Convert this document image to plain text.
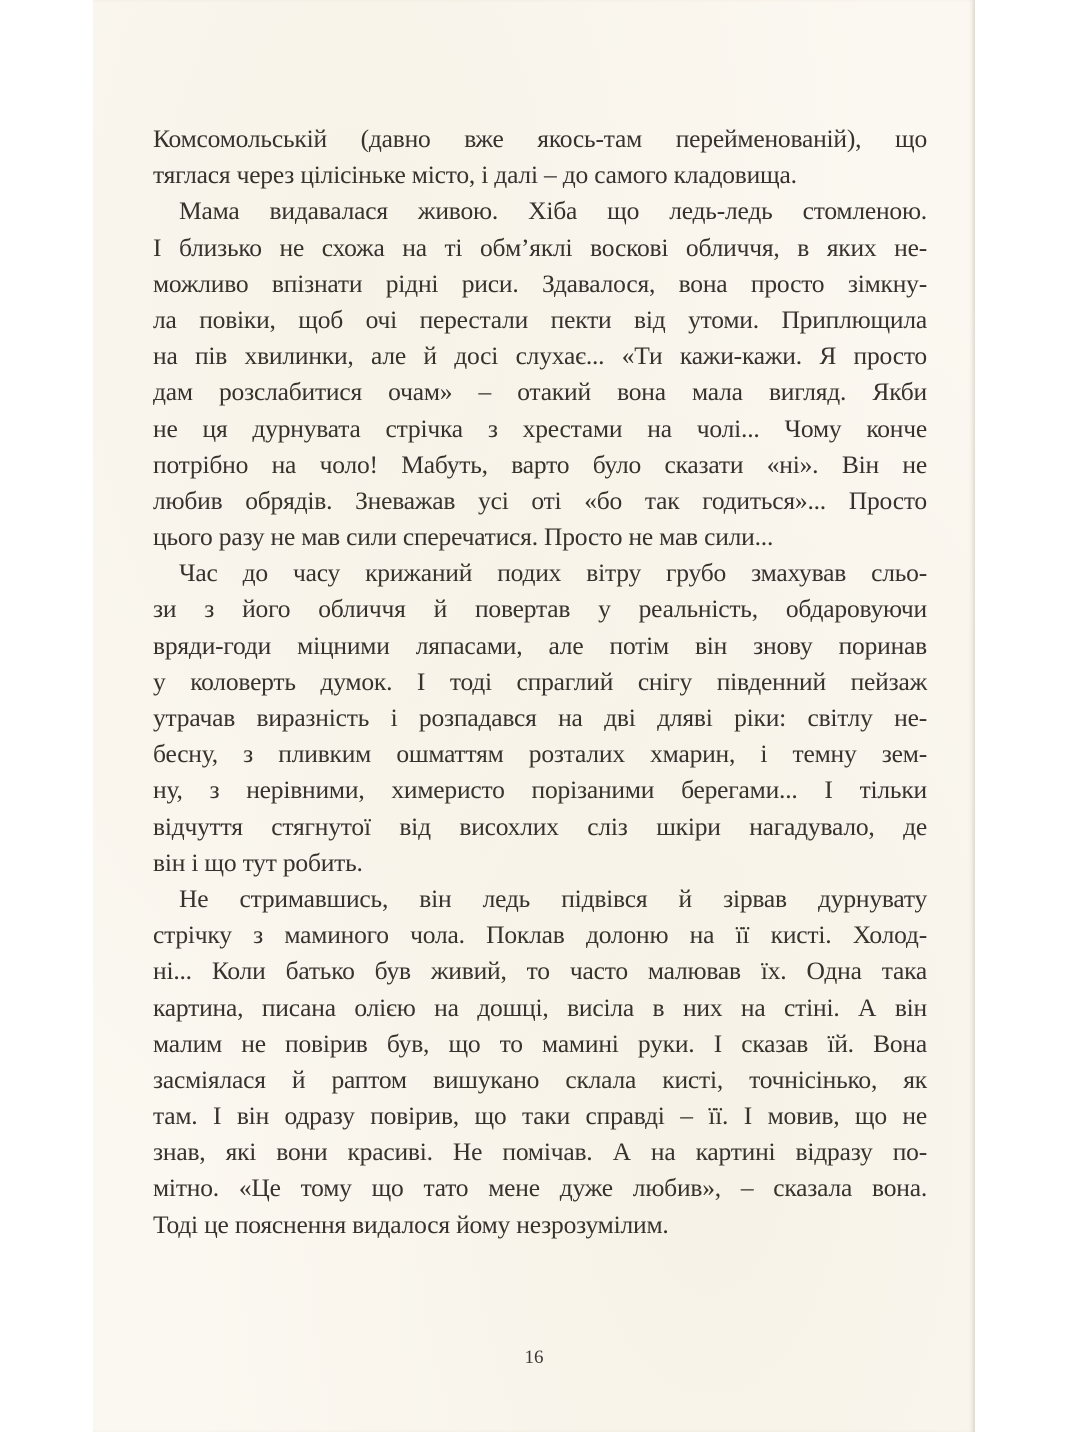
Комсомольській (давно вже якось-там перейменованій), що
тяглася через цілісіньке місто, і далі – до самого кладовища.
Мама видавалася живою. Хіба що ледь-ледь стомленою.
І близько не схожа на ті обм’яклі воскові обличчя, в яких не-
можливо впізнати рідні риси. Здавалося, вона просто зімкну-
ла повіки, щоб очі перестали пекти від утоми. Приплющила
на пів хвилинки, але й досі слухає... «Ти кажи-кажи. Я просто
дам розслабитися очам» – отакий вона мала вигляд. Якби
не ця дурнувата стрічка з хрестами на чолі... Чому конче
потрібно на чоло! Мабуть, варто було сказати «ні». Він не
любив обрядів. Зневажав усі оті «бо так годиться»... Просто
цього разу не мав сили сперечатися. Просто не мав сили...
Час до часу крижаний подих вітру грубо змахував сльо-
зи з його обличчя й повертав у реальність, обдаровуючи
вряди-годи міцними ляпасами, але потім він знову поринав
у коловерть думок. І тоді спраглий снігу південний пейзаж
утрачав виразність і розпадався на дві дляві ріки: світлу не-
бесну, з пливким ошматтям розталих хмарин, і темну зем-
ну, з нерівними, химеристо порізаними берегами... І тільки
відчуття стягнутої від висохлих сліз шкіри нагадувало, де
він і що тут робить.
Не стримавшись, він ледь підвівся й зірвав дурнувату
стрічку з маминого чола. Поклав долоню на її кисті. Холод-
ні... Коли батько був живий, то часто малював їх. Одна така
картина, писана олією на дошці, висіла в них на стіні. А він
малим не повірив був, що то мамині руки. І сказав їй. Вона
засміялася й раптом вишукано склала кисті, точнісінько, як
там. І він одразу повірив, що таки справді – її. І мовив, що не
знав, які вони красиві. Не помічав. А на картині відразу по-
мітно. «Це тому що тато мене дуже любив», – сказала вона.
Тоді це пояснення видалося йому незрозумілим.
16
